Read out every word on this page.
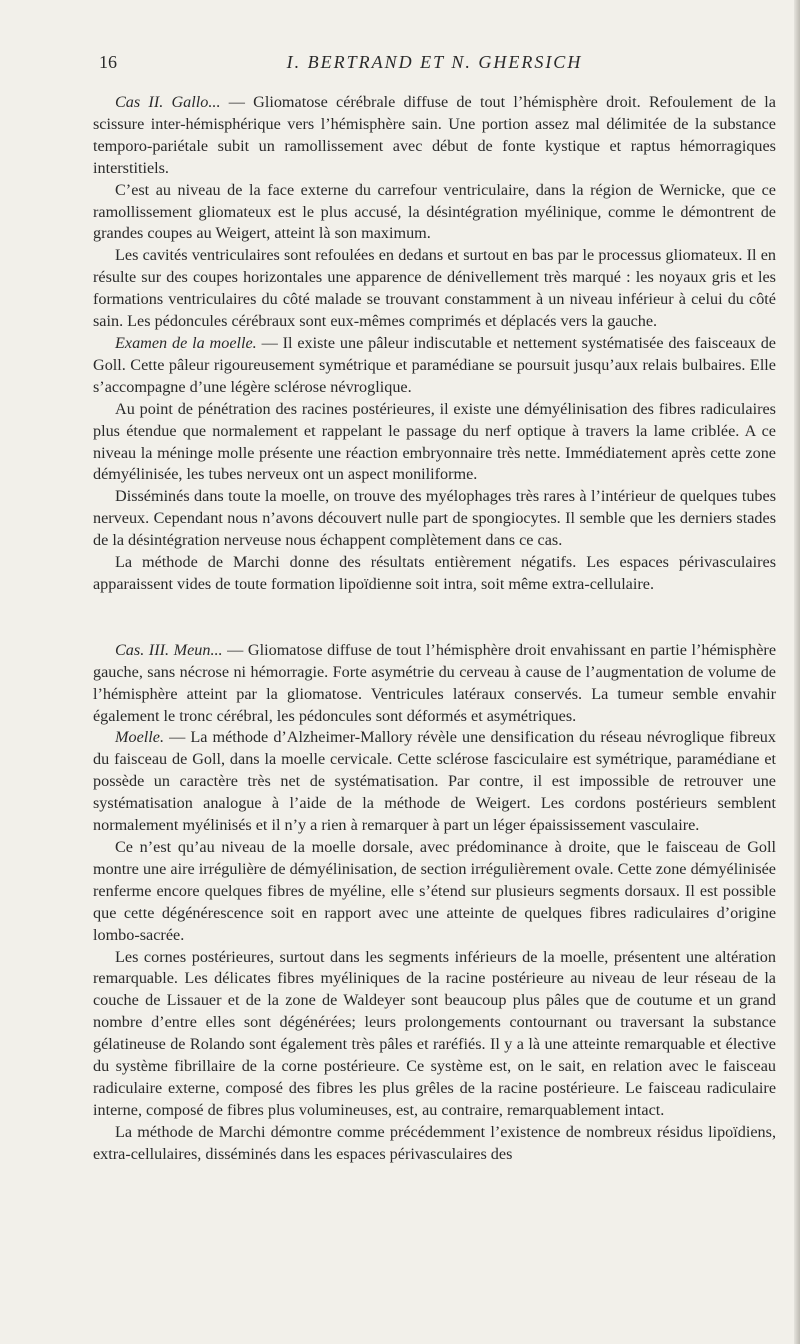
16	I. BERTRAND ET N. GHERSICH

Cas II. Gallo... — Gliomatose cérébrale diffuse de tout l’hémisphère droit. Refoulement de la scissure inter-hémisphérique vers l’hémisphère sain. Une portion assez mal délimitée de la substance temporo-pariétale subit un ramollissement avec début de fonte kystique et raptus hémorragiques interstitiels.

C’est au niveau de la face externe du carrefour ventriculaire, dans la région de Wernicke, que ce ramollissement gliomateux est le plus accusé, la désintégration myélinique, comme le démontrent de grandes coupes au Weigert, atteint là son maximum.

Les cavités ventriculaires sont refoulées en dedans et surtout en bas par le processus gliomateux. Il en résulte sur des coupes horizontales une apparence de dénivellement très marqué : les noyaux gris et les formations ventriculaires du côté malade se trouvant constamment à un niveau inférieur à celui du côté sain. Les pédoncules cérébraux sont eux-mêmes comprimés et déplacés vers la gauche.

Examen de la moelle. — Il existe une pâleur indiscutable et nettement systématisée des faisceaux de Goll. Cette pâleur rigoureusement symétrique et paramédiane se poursuit jusqu’aux relais bulbaires. Elle s’accompagne d’une légère sclérose névroglique.

Au point de pénétration des racines postérieures, il existe une démyélinisation des fibres radiculaires plus étendue que normalement et rappelant le passage du nerf optique à travers la lame criblée. A ce niveau la méninge molle présente une réaction embryonnaire très nette. Immédiatement après cette zone démyélinisée, les tubes nerveux ont un aspect moniliforme.

Disséminés dans toute la moelle, on trouve des myélophages très rares à l’intérieur de quelques tubes nerveux. Cependant nous n’avons découvert nulle part de spongiocytes. Il semble que les derniers stades de la désintégration nerveuse nous échappent complètement dans ce cas.

La méthode de Marchi donne des résultats entièrement négatifs. Les espaces périvasculaires apparaissent vides de toute formation lipoïdienne soit intra, soit même extra-cellulaire.

Cas. III. Meun... — Gliomatose diffuse de tout l’hémisphère droit envahissant en partie l’hémisphère gauche, sans nécrose ni hémorragie. Forte asymétrie du cerveau à cause de l’augmentation de volume de l’hémisphère atteint par la gliomatose. Ventricules latéraux conservés. La tumeur semble envahir également le tronc cérébral, les pédoncules sont déformés et asymétriques.

Moelle. — La méthode d’Alzheimer-Mallory révèle une densification du réseau névroglique fibreux du faisceau de Goll, dans la moelle cervicale. Cette sclérose fasciculaire est symétrique, paramédiane et possède un caractère très net de systématisation. Par contre, il est impossible de retrouver une systématisation analogue à l’aide de la méthode de Weigert. Les cordons postérieurs semblent normalement myélinisés et il n’y a rien à remarquer à part un léger épaississement vasculaire.

Ce n’est qu’au niveau de la moelle dorsale, avec prédominance à droite, que le faisceau de Goll montre une aire irrégulière de démyélinisation, de section irrégulièrement ovale. Cette zone démyélinisée renferme encore quelques fibres de myéline, elle s’étend sur plusieurs segments dorsaux. Il est possible que cette dégénérescence soit en rapport avec une atteinte de quelques fibres radiculaires d’origine lombo-sacrée.

Les cornes postérieures, surtout dans les segments inférieurs de la moelle, présentent une altération remarquable. Les délicates fibres myéliniques de la racine postérieure au niveau de leur réseau de la couche de Lissauer et de la zone de Waldeyer sont beaucoup plus pâles que de coutume et un grand nombre d’entre elles sont dégénérées; leurs prolongements contournant ou traversant la substance gélatineuse de Rolando sont également très pâles et raréfiés. Il y a là une atteinte remarquable et élective du système fibrillaire de la corne postérieure. Ce système est, on le sait, en relation avec le faisceau radiculaire externe, composé des fibres les plus grêles de la racine postérieure. Le faisceau radiculaire interne, composé de fibres plus volumineuses, est, au contraire, remarquablement intact.

La méthode de Marchi démontre comme précédemment l’existence de nombreux résidus lipoïdiens, extra-cellulaires, disséminés dans les espaces périvasculaires des
